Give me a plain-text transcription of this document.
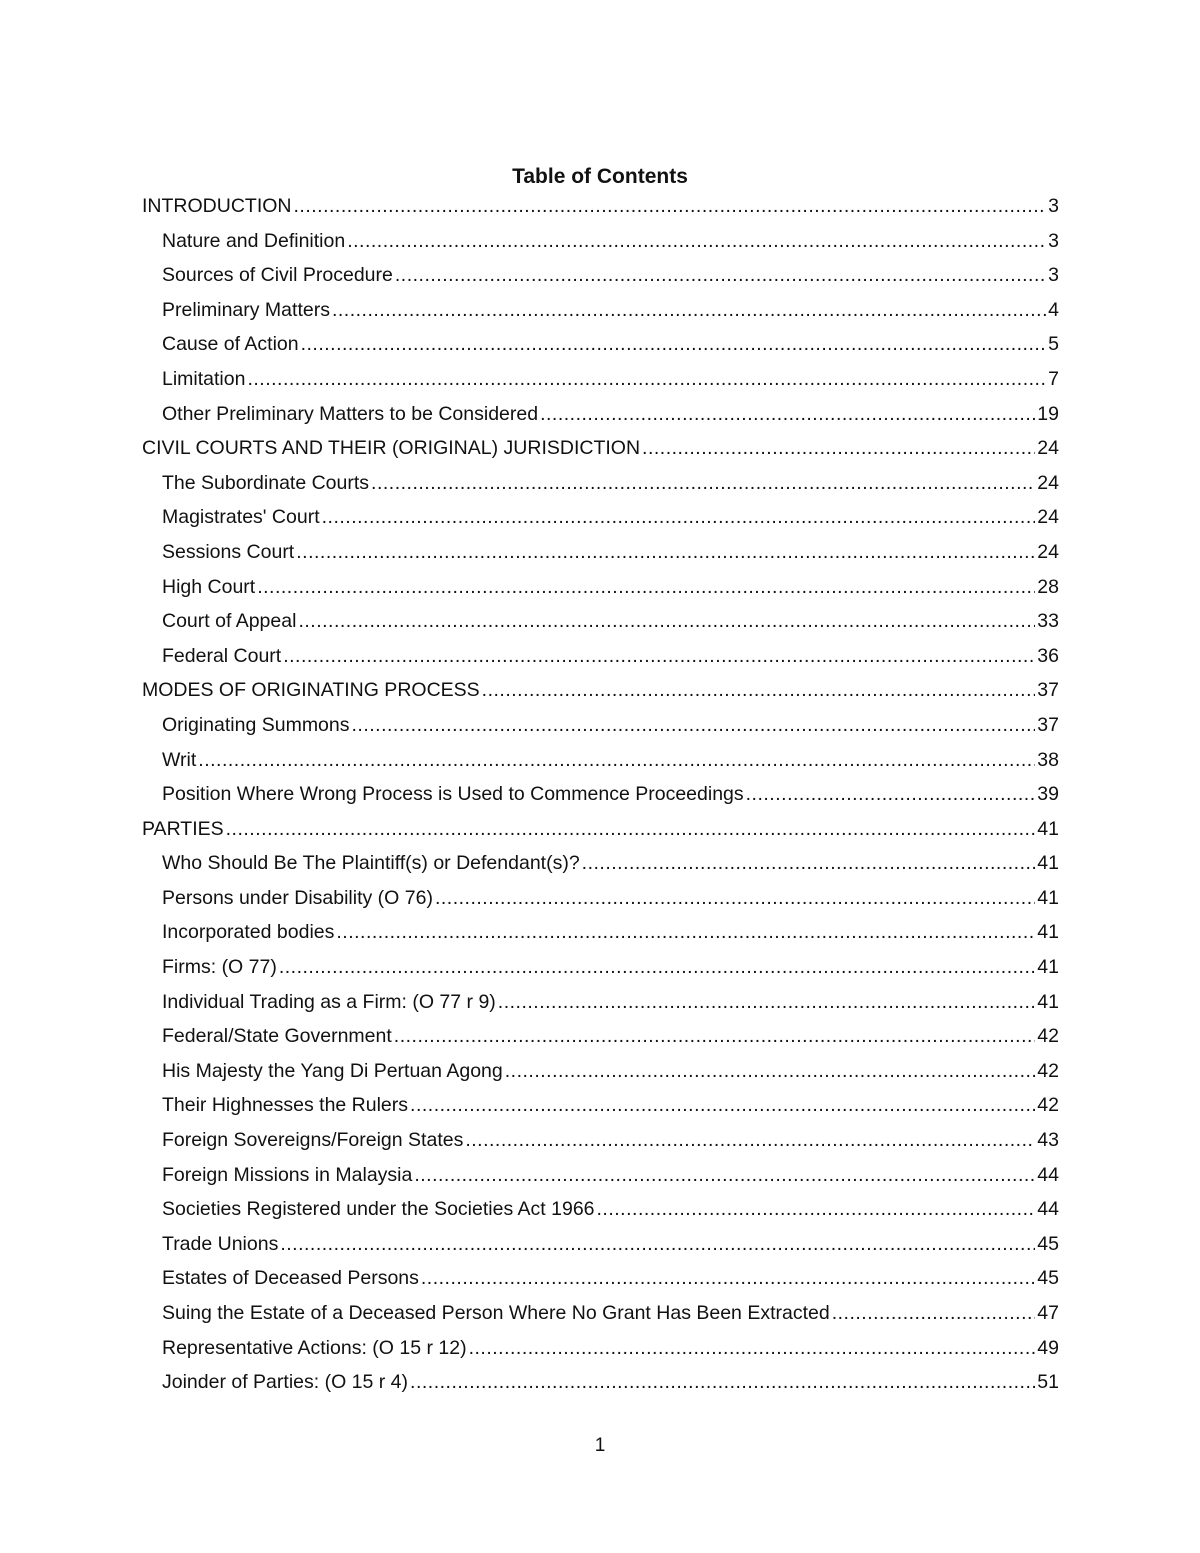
Table of Contents
INTRODUCTION .....	3
Nature and Definition .....	3
Sources of Civil Procedure .....	3
Preliminary Matters .....	4
Cause of Action .....	5
Limitation .....	7
Other Preliminary Matters to be Considered .....	19
CIVIL COURTS AND THEIR (ORIGINAL) JURISDICTION .....	24
The Subordinate Courts .....	24
Magistrates' Court .....	24
Sessions Court .....	24
High Court .....	28
Court of Appeal .....	33
Federal Court .....	36
MODES OF ORIGINATING PROCESS .....	37
Originating Summons .....	37
Writ .....	38
Position Where Wrong Process is Used to Commence Proceedings .....	39
PARTIES .....	41
Who Should Be The Plaintiff(s) or Defendant(s)? .....	41
Persons under Disability (O 76) .....	41
Incorporated bodies .....	41
Firms: (O 77) .....	41
Individual Trading as a Firm: (O 77 r 9) .....	41
Federal/State Government .....	42
His Majesty the Yang Di Pertuan Agong .....	42
Their Highnesses the Rulers .....	42
Foreign Sovereigns/Foreign States .....	43
Foreign Missions in Malaysia .....	44
Societies Registered under the Societies Act 1966 .....	44
Trade Unions .....	45
Estates of Deceased Persons .....	45
Suing the Estate of a Deceased Person Where No Grant Has Been Extracted .....	47
Representative Actions: (O 15 r 12) .....	49
Joinder of Parties: (O 15 r 4) .....	51
1
